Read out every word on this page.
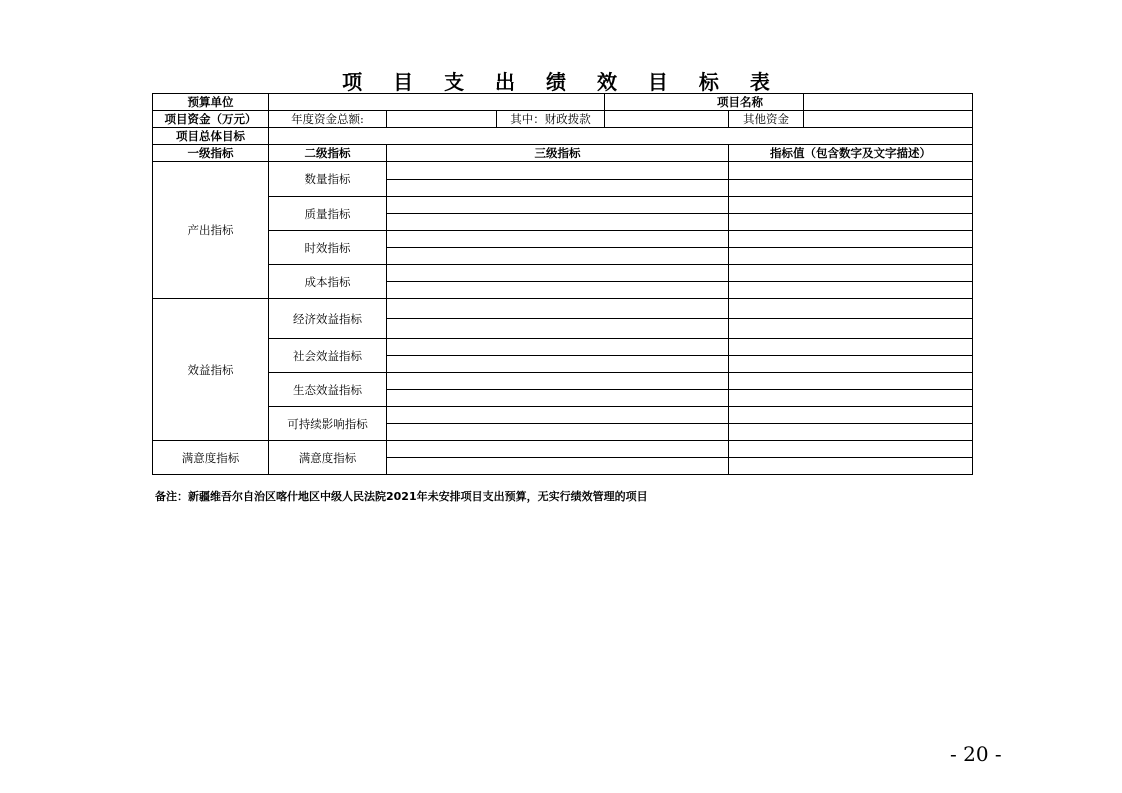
项 目 支 出 绩 效 目 标 表
预算单位				项目名称		
项目资金（万元）	年度资金总额:		其中：财政拨款		其他资金	
项目总体目标						
一级指标	二级指标	三级指标			指标值（包含数字及文字描述）	
产出指标	数量指标					

	质量指标					

	时效指标					

	成本指标					

效益指标	经济效益指标					

	社会效益指标					

	生态效益指标					

	可持续影响指标					

满意度指标	满意度指标					

备注：新疆维吾尔自治区喀什地区中级人民法院2021年未安排项目支出预算，无实行绩效管理的项目
- 20 -
